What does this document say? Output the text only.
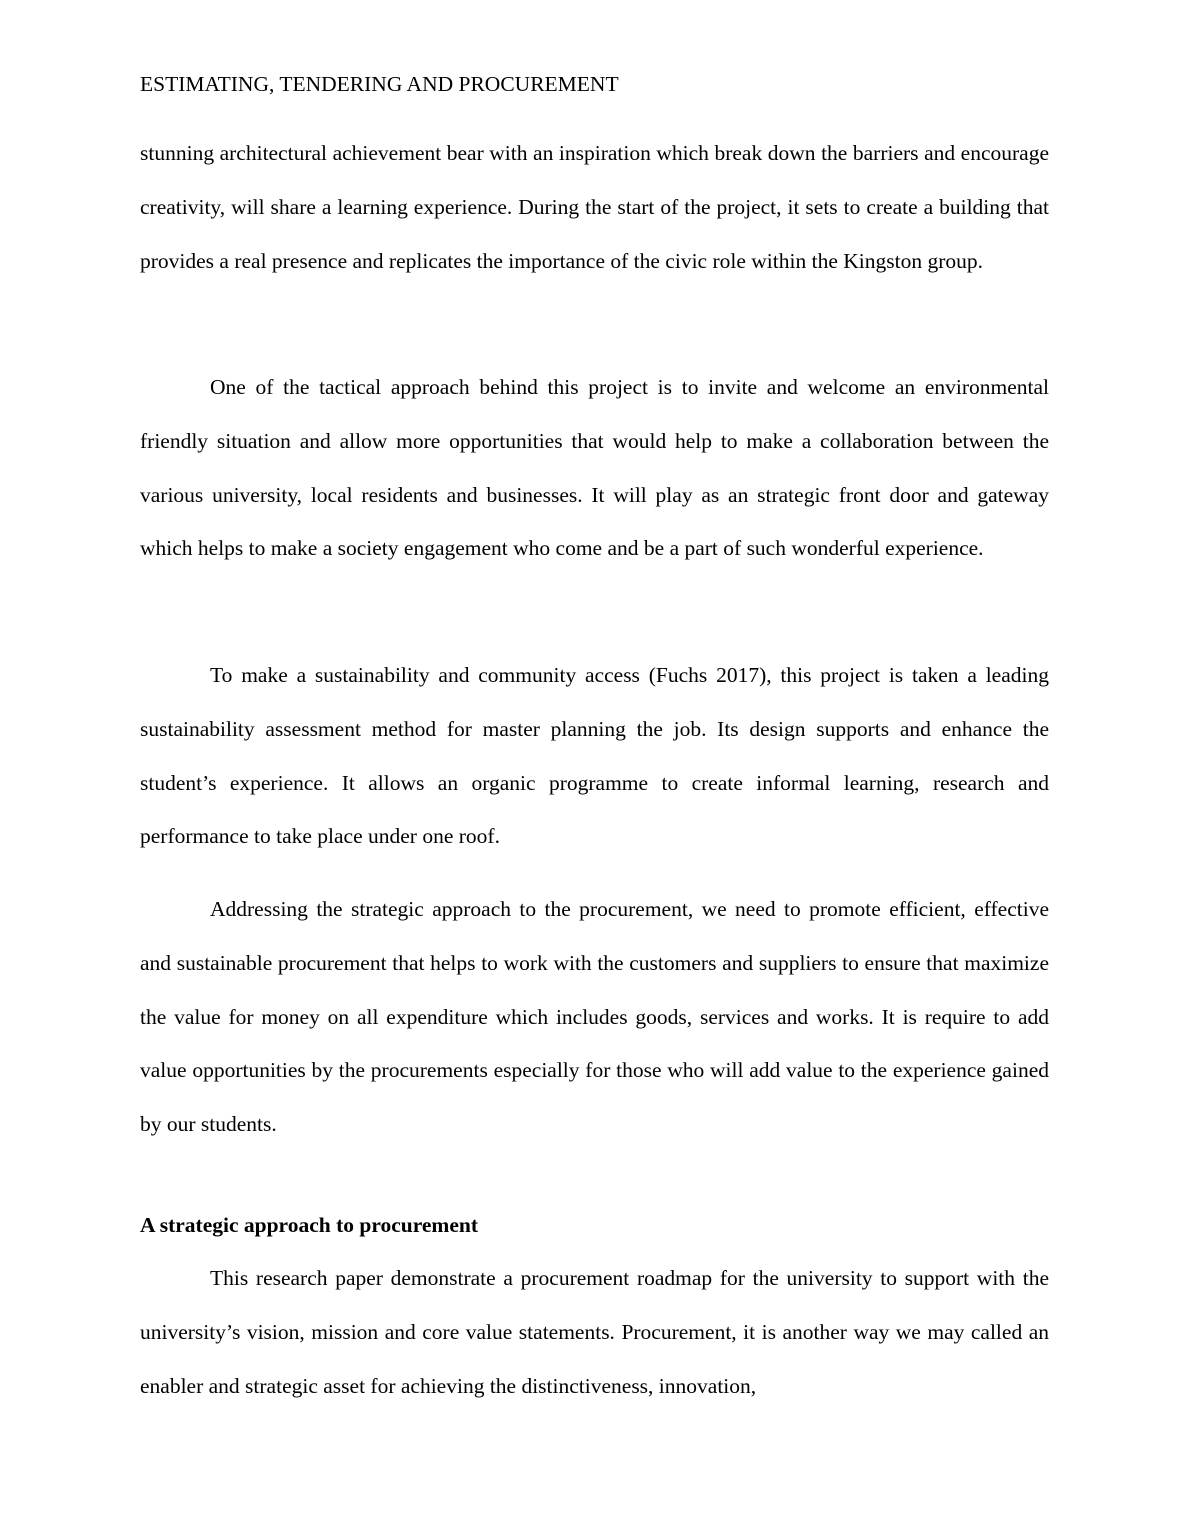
ESTIMATING, TENDERING AND PROCUREMENT

stunning architectural achievement bear with an inspiration which break down the barriers and encourage creativity, will share a learning experience. During the start of the project, it sets to create a building that provides a real presence and replicates the importance of the civic role within the Kingston group.

One of the tactical approach behind this project is to invite and welcome an environmental friendly situation and allow more opportunities that would help to make a collaboration between the various university, local residents and businesses. It will play as an strategic front door and gateway which helps to make a society engagement who come and be a part of such wonderful experience.

To make a sustainability and community access (Fuchs 2017), this project is taken a leading sustainability assessment method for master planning the job. Its design supports and enhance the student’s experience. It allows an organic programme to create informal learning, research and performance to take place under one roof.

Addressing the strategic approach to the procurement, we need to promote efficient, effective and sustainable procurement that helps to work with the customers and suppliers to ensure that maximize the value for money on all expenditure which includes goods, services and works. It is require to add value opportunities by the procurements especially for those who will add value to the experience gained by our students.

A strategic approach to procurement

This research paper demonstrate a procurement roadmap for the university to support with the university’s vision, mission and core value statements. Procurement, it is another way we may called an enabler and strategic asset for achieving the distinctiveness, innovation,
